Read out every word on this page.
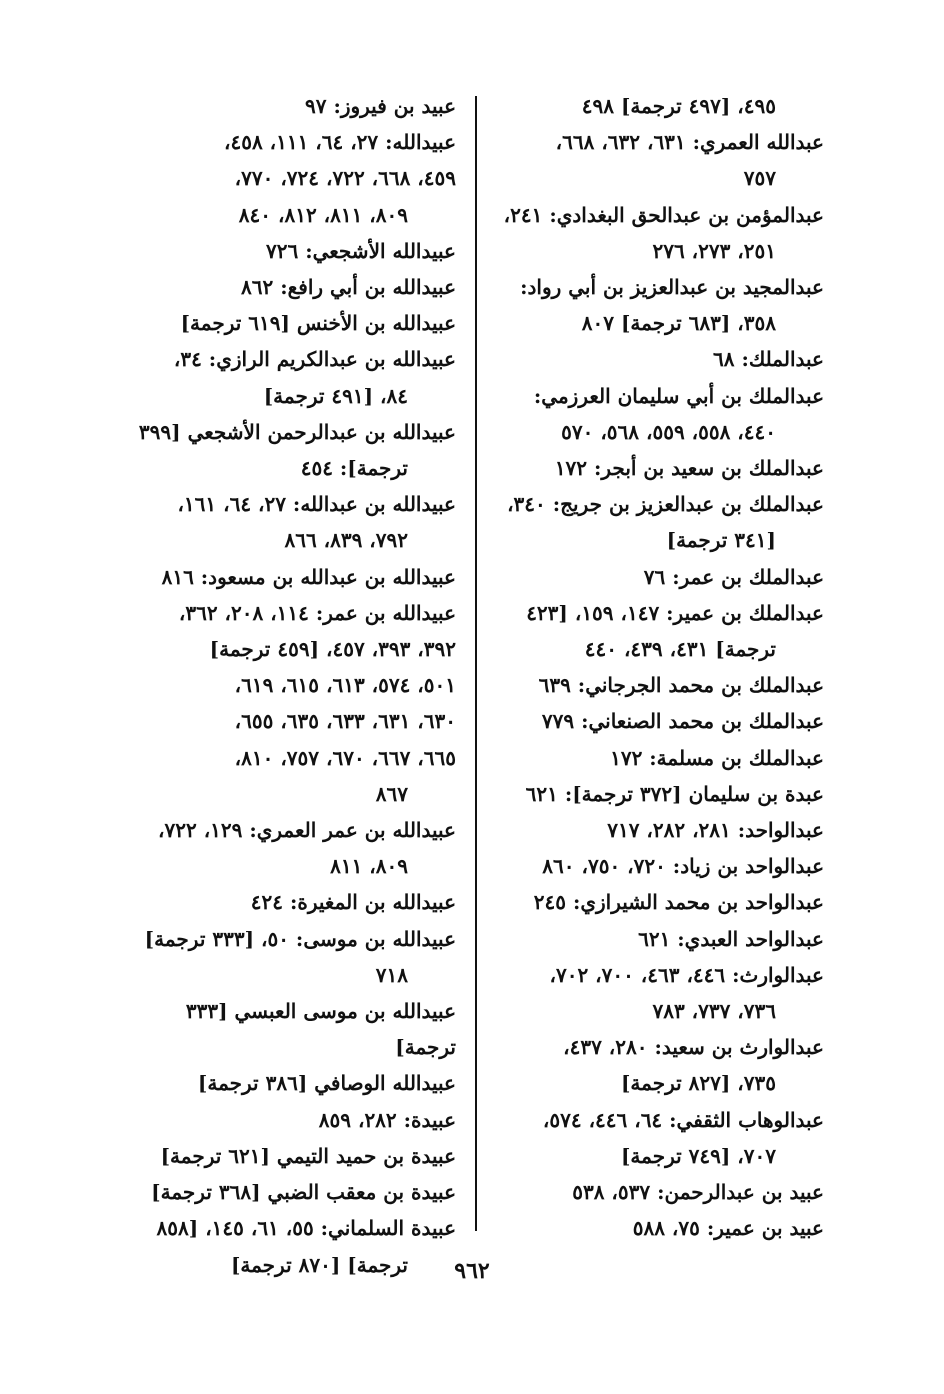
٤٩٥، [٤٩٧ ترجمة] ٤٩٨
عبدالله العمري: ٦٣١، ٦٣٢، ٦٦٨،
٧٥٧
عبدالمؤمن بن عبدالحق البغدادي: ٢٤١،
٢٥١، ٢٧٣، ٢٧٦
عبدالمجيد بن عبدالعزيز بن أبي رواد:
٣٥٨، [٦٨٣ ترجمة] ٨٠٧
عبدالملك: ٦٨
عبدالملك بن أبي سليمان العرزمي:
٤٤٠، ٥٥٨، ٥٥٩، ٥٦٨، ٥٧٠
عبدالملك بن سعيد بن أبجر: ١٧٢
عبدالملك بن عبدالعزيز بن جريج: ٣٤٠،
[٣٤١ ترجمة]
عبدالملك بن عمر: ٧٦
عبدالملك بن عمير: ١٤٧، ١٥٩، [٤٢٣
ترجمة] ٤٣١، ٤٣٩، ٤٤٠
عبدالملك بن محمد الجرجاني: ٦٣٩
عبدالملك بن محمد الصنعاني: ٧٧٩
عبدالملك بن مسلمة: ١٧٢
عبدة بن سليمان [٣٧٢ ترجمة]: ٦٢١
عبدالواحد: ٢٨١، ٢٨٢، ٧١٧
عبدالواحد بن زياد: ٧٢٠، ٧٥٠، ٨٦٠
عبدالواحد بن محمد الشيرازي: ٢٤٥
عبدالواحد العبدي: ٦٢١
عبدالوارث: ٤٤٦، ٤٦٣، ٧٠٠، ٧٠٢،
٧٣٦، ٧٣٧، ٧٨٣
عبدالوارث بن سعيد: ٢٨٠، ٤٣٧،
٧٣٥، [٨٢٧ ترجمة]
عبدالوهاب الثقفي: ٦٤، ٤٤٦، ٥٧٤،
٧٠٧، [٧٤٩ ترجمة]
عبيد بن عبدالرحمن: ٥٣٧، ٥٣٨
عبيد بن عمير: ٧٥، ٥٨٨
عبيد بن فيروز: ٩٧
عبيدالله: ٢٧، ٦٤، ١١١، ٤٥٨،
٤٥٩، ٦٦٨، ٧٢٢، ٧٢٤، ٧٧٠،
٨٠٩، ٨١١، ٨١٢، ٨٤٠
عبيدالله الأشجعي: ٧٢٦
عبيدالله بن أبي رافع: ٨٦٢
عبيدالله بن الأخنس [٦١٩ ترجمة]
عبيدالله بن عبدالكريم الرازي: ٣٤،
٨٤، [٤٩١ ترجمة]
عبيدالله بن عبدالرحمن الأشجعي [٣٩٩
ترجمة]: ٤٥٤
عبيدالله بن عبدالله: ٢٧، ٦٤، ١٦١،
٧٩٢، ٨٣٩، ٨٦٦
عبيدالله بن عبدالله بن مسعود: ٨١٦
عبيدالله بن عمر: ١١٤، ٢٠٨، ٣٦٢،
٣٩٢، ٣٩٣، ٤٥٧، [٤٥٩ ترجمة]
٥٠١، ٥٧٤، ٦١٣، ٦١٥، ٦١٩،
٦٣٠، ٦٣١، ٦٣٣، ٦٣٥، ٦٥٥،
٦٦٥، ٦٦٧، ٦٧٠، ٧٥٧، ٨١٠،
٨٦٧
عبيدالله بن عمر العمري: ١٢٩، ٧٢٢،
٨٠٩، ٨١١
عبيدالله بن المغيرة: ٤٢٤
عبيدالله بن موسى: ٥٠، [٣٣٣ ترجمة]
٧١٨
عبيدالله بن موسى العبسي [٣٣٣ ترجمة]
عبيدالله الوصافي [٣٨٦ ترجمة]
عبيدة: ٢٨٢، ٨٥٩
عبيدة بن حميد التيمي [٦٢١ ترجمة]
عبيدة بن معقب الضبي [٣٦٨ ترجمة]
عبيدة السلماني: ٥٥، ٦١، ١٤٥، [٨٥٨
ترجمة] [٨٧٠ ترجمة]	٩٦٢
